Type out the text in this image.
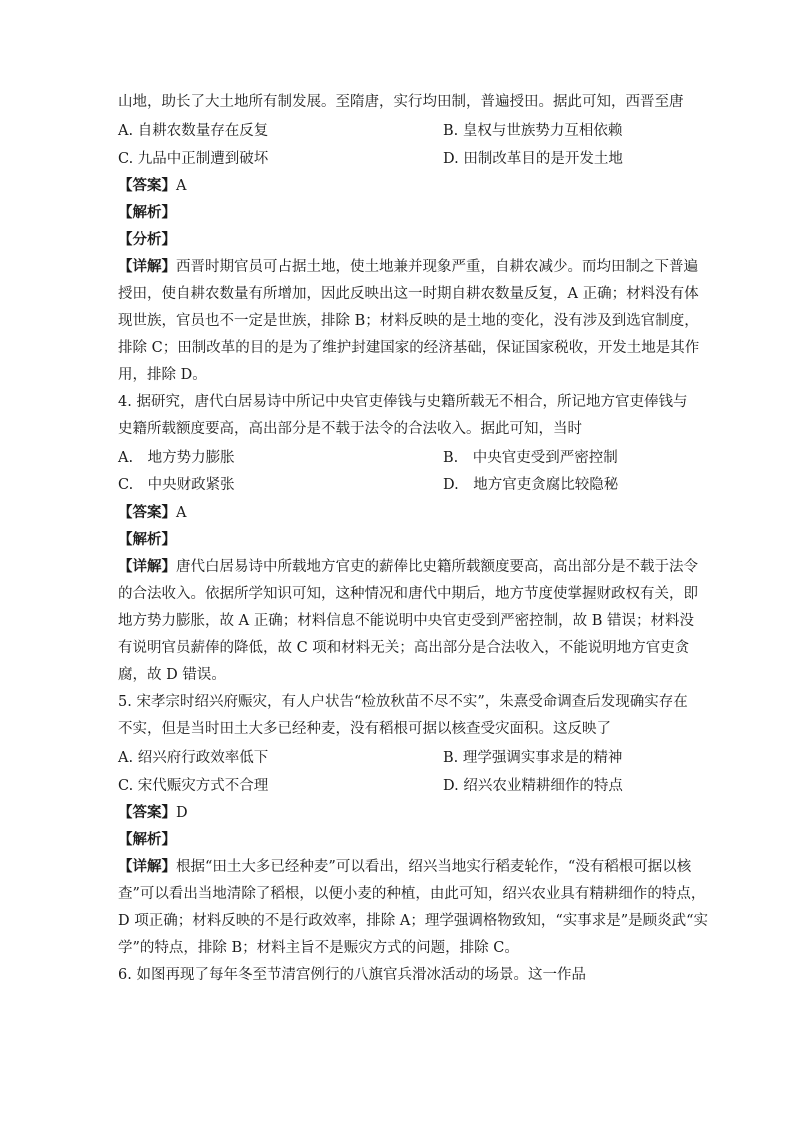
山地，助长了大土地所有制发展。至隋唐，实行均田制，普遍授田。据此可知，西晋至唐
A. 自耕农数量存在反复	B. 皇权与世族势力互相依赖
C. 九品中正制遭到破坏	D. 田制改革目的是开发土地
【答案】A
【解析】
【分析】
【详解】西晋时期官员可占据土地，使土地兼并现象严重，自耕农减少。而均田制之下普遍
授田，使自耕农数量有所增加，因此反映出这一时期自耕农数量反复，A 正确；材料没有体
现世族，官员也不一定是世族，排除 B；材料反映的是土地的变化，没有涉及到选官制度，
排除 C；田制改革的目的是为了维护封建国家的经济基础，保证国家税收，开发土地是其作
用，排除 D。
4. 据研究，唐代白居易诗中所记中央官吏俸钱与史籍所载无不相合，所记地方官吏俸钱与
史籍所载额度要高，高出部分是不载于法令的合法收入。据此可知，当时
A.　地方势力膨胀	B.　中央官吏受到严密控制
C.　中央财政紧张	D.　地方官吏贪腐比较隐秘
【答案】A
【解析】
【详解】唐代白居易诗中所载地方官吏的薪俸比史籍所载额度要高，高出部分是不载于法令
的合法收入。依据所学知识可知，这种情况和唐代中期后，地方节度使掌握财政权有关，即
地方势力膨胀，故 A 正确；材料信息不能说明中央官吏受到严密控制，故 B 错误；材料没
有说明官员薪俸的降低，故 C 项和材料无关；高出部分是合法收入，不能说明地方官吏贪
腐，故 D 错误。
5. 宋孝宗时绍兴府赈灾，有人户状告“检放秋苗不尽不实”，朱熹受命调查后发现确实存在
不实，但是当时田土大多已经种麦，没有稻根可据以核查受灾面积。这反映了
A. 绍兴府行政效率低下	B. 理学强调实事求是的精神
C. 宋代赈灾方式不合理	D. 绍兴农业精耕细作的特点
【答案】D
【解析】
【详解】根据“田土大多已经种麦”可以看出，绍兴当地实行稻麦轮作，“没有稻根可据以核
查”可以看出当地清除了稻根，以便小麦的种植，由此可知，绍兴农业具有精耕细作的特点，
D 项正确；材料反映的不是行政效率，排除 A；理学强调格物致知，“实事求是”是顾炎武“实
学”的特点，排除 B；材料主旨不是赈灾方式的问题，排除 C。
6. 如图再现了每年冬至节清宫例行的八旗官兵滑冰活动的场景。这一作品
